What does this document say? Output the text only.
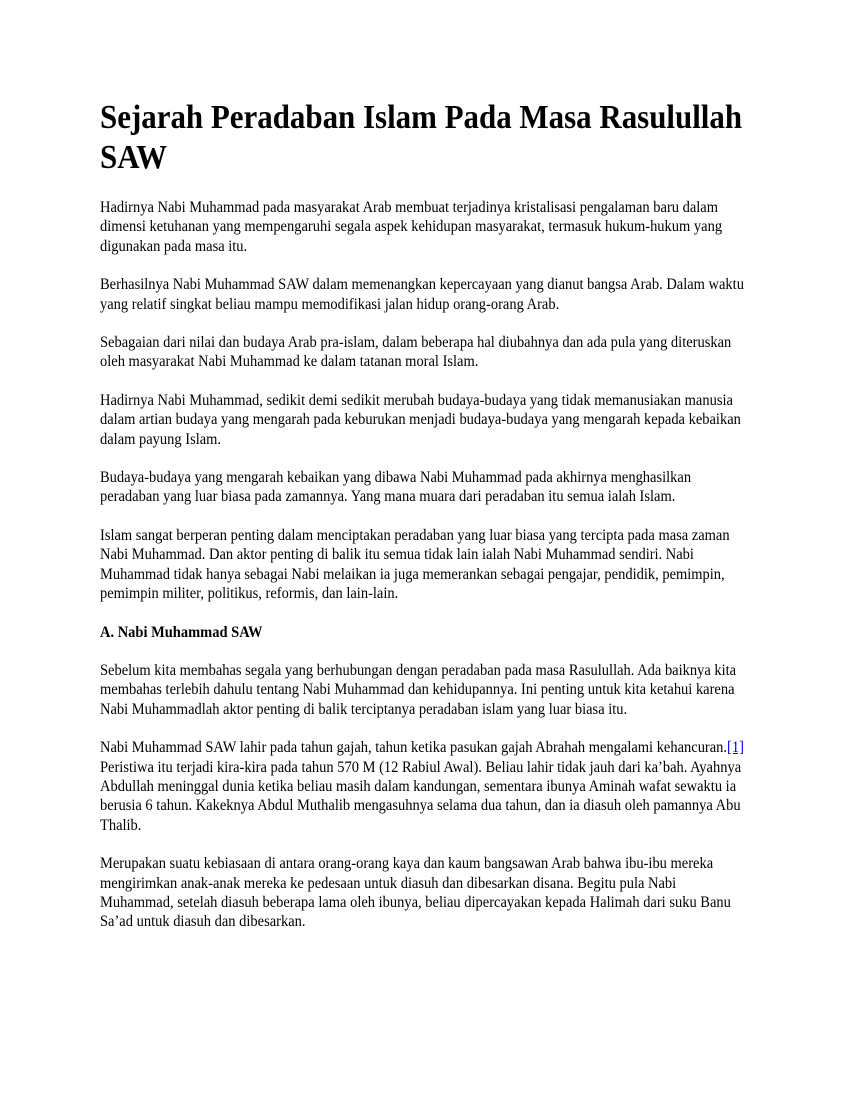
Sejarah Peradaban Islam Pada Masa Rasulullah SAW

Hadirnya Nabi Muhammad pada masyarakat Arab membuat terjadinya kristalisasi pengalaman baru dalam dimensi ketuhanan yang mempengaruhi segala aspek kehidupan masyarakat, termasuk hukum-hukum yang digunakan pada masa itu.

Berhasilnya Nabi Muhammad SAW dalam memenangkan kepercayaan yang dianut bangsa Arab. Dalam waktu yang relatif singkat beliau mampu memodifikasi jalan hidup orang-orang Arab.

Sebagaian dari nilai dan budaya Arab pra-islam, dalam beberapa hal diubahnya dan ada pula yang diteruskan oleh masyarakat Nabi Muhammad ke dalam tatanan moral Islam.

Hadirnya Nabi Muhammad, sedikit demi sedikit merubah budaya-budaya yang tidak memanusiakan manusia dalam artian budaya yang mengarah pada keburukan menjadi budaya-budaya yang mengarah kepada kebaikan dalam payung Islam.

Budaya-budaya yang mengarah kebaikan yang dibawa Nabi Muhammad pada akhirnya menghasilkan peradaban yang luar biasa pada zamannya. Yang mana muara dari peradaban itu semua ialah Islam.

Islam sangat berperan penting dalam menciptakan peradaban yang luar biasa yang tercipta pada masa zaman Nabi Muhammad. Dan aktor penting di balik itu semua tidak lain ialah Nabi Muhammad sendiri. Nabi Muhammad tidak hanya sebagai Nabi melaikan ia juga memerankan sebagai pengajar, pendidik, pemimpin, pemimpin militer, politikus, reformis, dan lain-lain.

A. Nabi Muhammad SAW

Sebelum kita membahas segala yang berhubungan dengan peradaban pada masa Rasulullah. Ada baiknya kita membahas terlebih dahulu tentang Nabi Muhammad dan kehidupannya. Ini penting untuk kita ketahui karena Nabi Muhammadlah aktor penting di balik terciptanya peradaban islam yang luar biasa itu.

Nabi Muhammad SAW lahir pada tahun gajah, tahun ketika pasukan gajah Abrahah mengalami kehancuran.[1] Peristiwa itu terjadi kira-kira pada tahun 570 M (12 Rabiul Awal). Beliau lahir tidak jauh dari ka’bah. Ayahnya Abdullah meninggal dunia ketika beliau masih dalam kandungan, sementara ibunya Aminah wafat sewaktu ia berusia 6 tahun. Kakeknya Abdul Muthalib mengasuhnya selama dua tahun, dan ia diasuh oleh pamannya Abu Thalib.

Merupakan suatu kebiasaan di antara orang-orang kaya dan kaum bangsawan Arab bahwa ibu-ibu mereka mengirimkan anak-anak mereka ke pedesaan untuk diasuh dan dibesarkan disana. Begitu pula Nabi Muhammad, setelah diasuh beberapa lama oleh ibunya, beliau dipercayakan kepada Halimah dari suku Banu Sa’ad untuk diasuh dan dibesarkan.
